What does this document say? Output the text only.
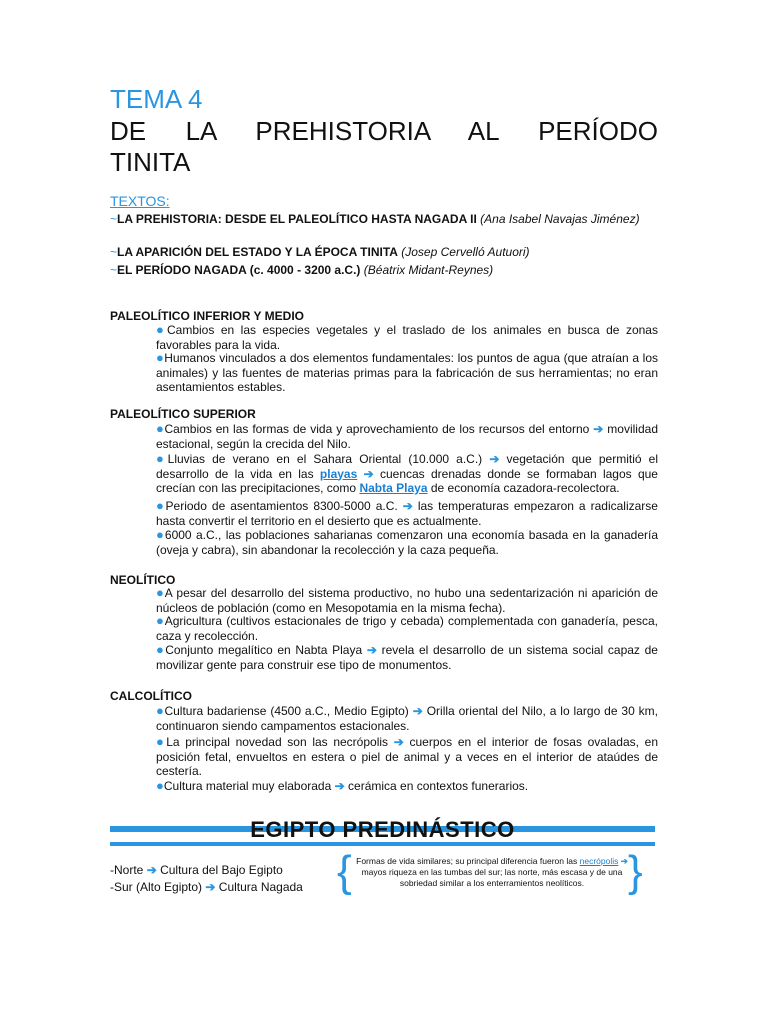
TEMA 4
DE LA PREHISTORIA AL PERÍODO
TINITA
TEXTOS:
~LA PREHISTORIA: DESDE EL PALEOLÍTICO HASTA NAGADA II (Ana Isabel Navajas Jiménez)
~LA APARICIÓN DEL ESTADO Y LA ÉPOCA TINITA (Josep Cervelló Autuori)
~EL PERÍODO NAGADA (c. 4000 - 3200 a.C.) (Béatrix Midant-Reynes)
PALEOLÍTICO INFERIOR Y MEDIO
●Cambios en las especies vegetales y el traslado de los animales en busca de zonas favorables para la vida.
●Humanos vinculados a dos elementos fundamentales: los puntos de agua (que atraían a los animales) y las fuentes de materias primas para la fabricación de sus herramientas; no eran asentamientos estables.
PALEOLÍTICO SUPERIOR
●Cambios en las formas de vida y aprovechamiento de los recursos del entorno ➔ movilidad estacional, según la crecida del Nilo.
●Lluvias de verano en el Sahara Oriental (10.000 a.C.) ➔ vegetación que permitió el desarrollo de la vida en las playas ➔ cuencas drenadas donde se formaban lagos que crecían con las precipitaciones, como Nabta Playa de economía cazadora-recolectora.
●Periodo de asentamientos 8300-5000 a.C. ➔ las temperaturas empezaron a radicalizarse hasta convertir el territorio en el desierto que es actualmente.
●6000 a.C., las poblaciones saharianas comenzaron una economía basada en la ganadería (oveja y cabra), sin abandonar la recolección y la caza pequeña.
NEOLÍTICO
●A pesar del desarrollo del sistema productivo, no hubo una sedentarización ni aparición de núcleos de población (como en Mesopotamia en la misma fecha).
●Agricultura (cultivos estacionales de trigo y cebada) complementada con ganadería, pesca, caza y recolección.
●Conjunto megalítico en Nabta Playa ➔ revela el desarrollo de un sistema social capaz de movilizar gente para construir ese tipo de monumentos.
CALCOLÍTICO
●Cultura badariense (4500 a.C., Medio Egipto) ➔ Orilla oriental del Nilo, a lo largo de 30 km, continuaron siendo campamentos estacionales.
●La principal novedad son las necrópolis ➔ cuerpos en el interior de fosas ovaladas, en posición fetal, envueltos en estera o piel de animal y a veces en el interior de ataúdes de cestería.
●Cultura material muy elaborada ➔ cerámica en contextos funerarios.
EGIPTO PREDINÁSTICO
-Norte ➔ Cultura del Bajo Egipto
-Sur (Alto Egipto) ➔ Cultura Nagada { Formas de vida similares; su principal diferencia fueron las necrópolis ➔ mayos riqueza en las tumbas del sur; las norte, más escasa y de una sobriedad similar a los enterramientos neolíticos. }
